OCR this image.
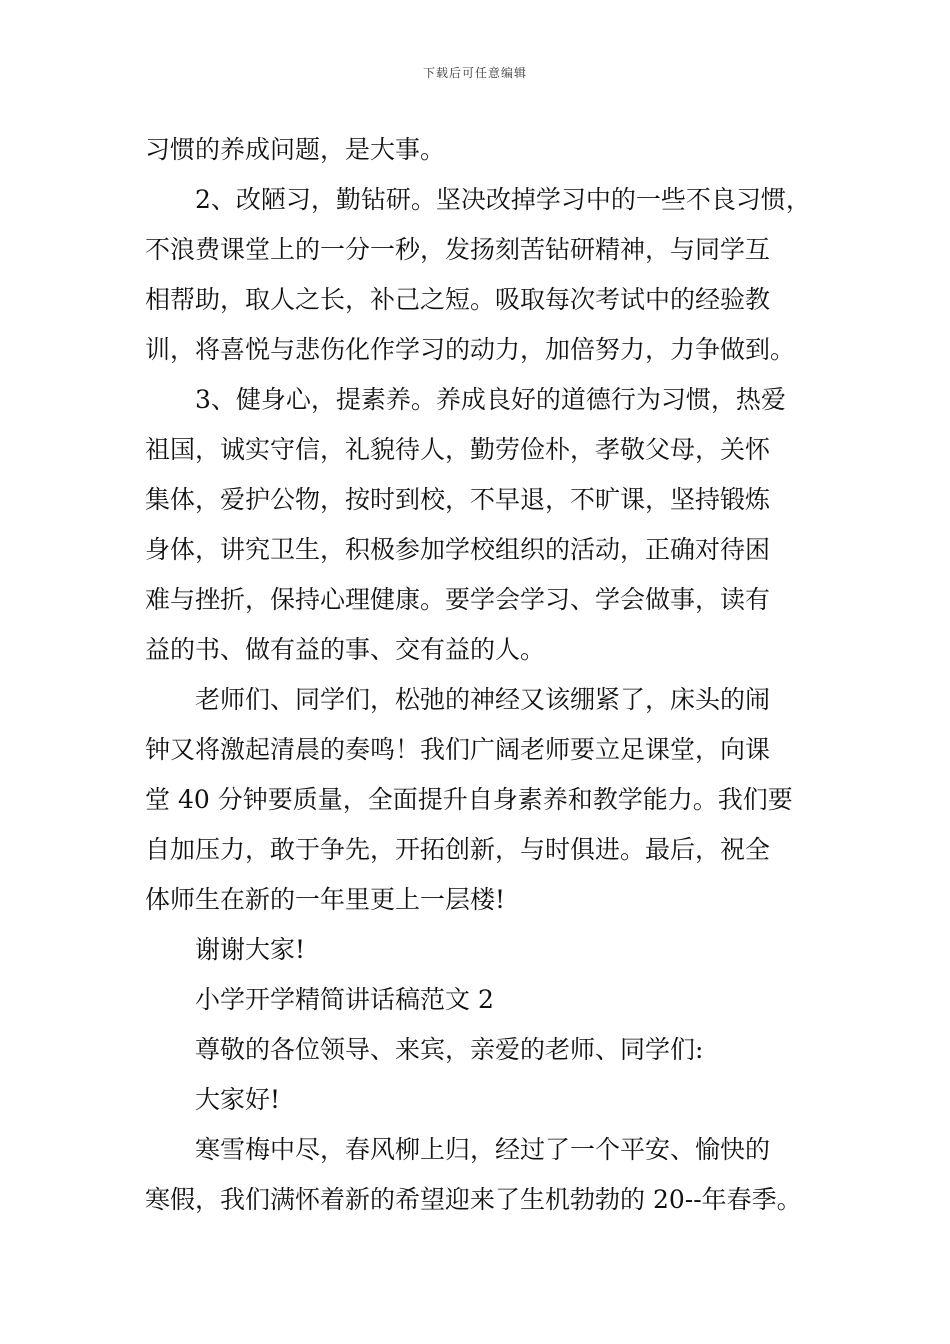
下载后可任意编辑
习惯的养成问题，是大事。
2、改陋习，勤钻研。坚决改掉学习中的一些不良习惯，
不浪费课堂上的一分一秒，发扬刻苦钻研精神，与同学互
相帮助，取人之长，补己之短。吸取每次考试中的经验教
训，将喜悦与悲伤化作学习的动力，加倍努力，力争做到。
3、健身心，提素养。养成良好的道德行为习惯，热爱
祖国，诚实守信，礼貌待人，勤劳俭朴，孝敬父母，关怀
集体，爱护公物，按时到校，不早退，不旷课，坚持锻炼
身体，讲究卫生，积极参加学校组织的活动，正确对待困
难与挫折，保持心理健康。要学会学习、学会做事，读有
益的书、做有益的事、交有益的人。
老师们、同学们，松弛的神经又该绷紧了，床头的闹
钟又将激起清晨的奏鸣！我们广阔老师要立足课堂，向课
堂 40 分钟要质量，全面提升自身素养和教学能力。我们要
自加压力，敢于争先，开拓创新，与时俱进。最后，祝全
体师生在新的一年里更上一层楼!
谢谢大家!
小学开学精简讲话稿范文 2
尊敬的各位领导、来宾，亲爱的老师、同学们:
大家好!
寒雪梅中尽，春风柳上归，经过了一个平安、愉快的
寒假，我们满怀着新的希望迎来了生机勃勃的 20--年春季。
